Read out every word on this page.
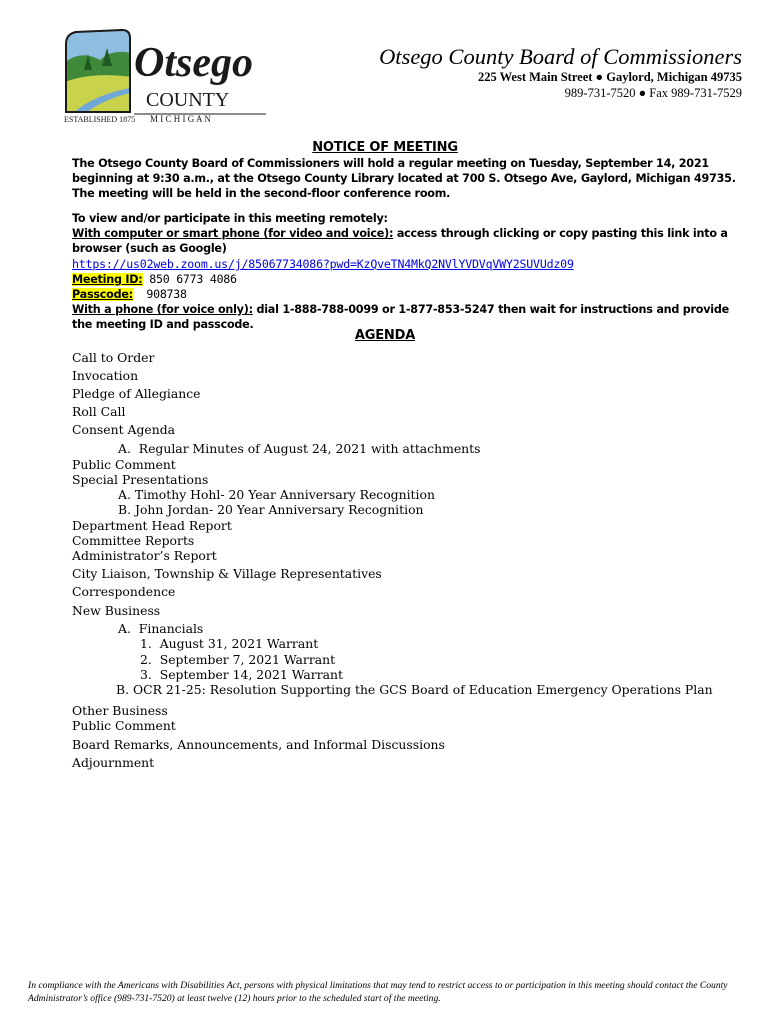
Otsego
COUNTY
M I C H I G A N
ESTABLISHED 1875
Otsego County Board of Commissioners
225 West Main Street ● Gaylord, Michigan 49735
989-731-7520 ● Fax 989-731-7529
NOTICE OF MEETING
The Otsego County Board of Commissioners will hold a regular meeting on Tuesday, September 14, 2021 beginning at 9:30 a.m., at the Otsego County Library located at 700 S. Otsego Ave, Gaylord, Michigan 49735. The meeting will be held in the second-floor conference room.
To view and/or participate in this meeting remotely:
With computer or smart phone (for video and voice): access through clicking or copy pasting this link into a browser (such as Google)
https://us02web.zoom.us/j/85067734086?pwd=KzQveTN4MkQ2NVlYVDVqVWY2SUVUdz09
Meeting ID: 850 6773 4086
Passcode:  908738
With a phone (for voice only): dial 1-888-788-0099 or 1-877-853-5247 then wait for instructions and provide the meeting ID and passcode.
AGENDA
Call to Order
Invocation
Pledge of Allegiance
Roll Call
Consent Agenda
A.  Regular Minutes of August 24, 2021 with attachments
Public Comment
Special Presentations
A. Timothy Hohl- 20 Year Anniversary Recognition
B. John Jordan- 20 Year Anniversary Recognition
Department Head Report
Committee Reports
Administrator’s Report
City Liaison, Township & Village Representatives
Correspondence
New Business
A.  Financials
1.  August 31, 2021 Warrant
2.  September 7, 2021 Warrant
3.  September 14, 2021 Warrant
B. OCR 21-25: Resolution Supporting the GCS Board of Education Emergency Operations Plan
Other Business
Public Comment
Board Remarks, Announcements, and Informal Discussions
Adjournment
In compliance with the Americans with Disabilities Act, persons with physical limitations that may tend to restrict access to or participation in this meeting should contact the County Administrator’s office (989-731-7520) at least twelve (12) hours prior to the scheduled start of the meeting.
